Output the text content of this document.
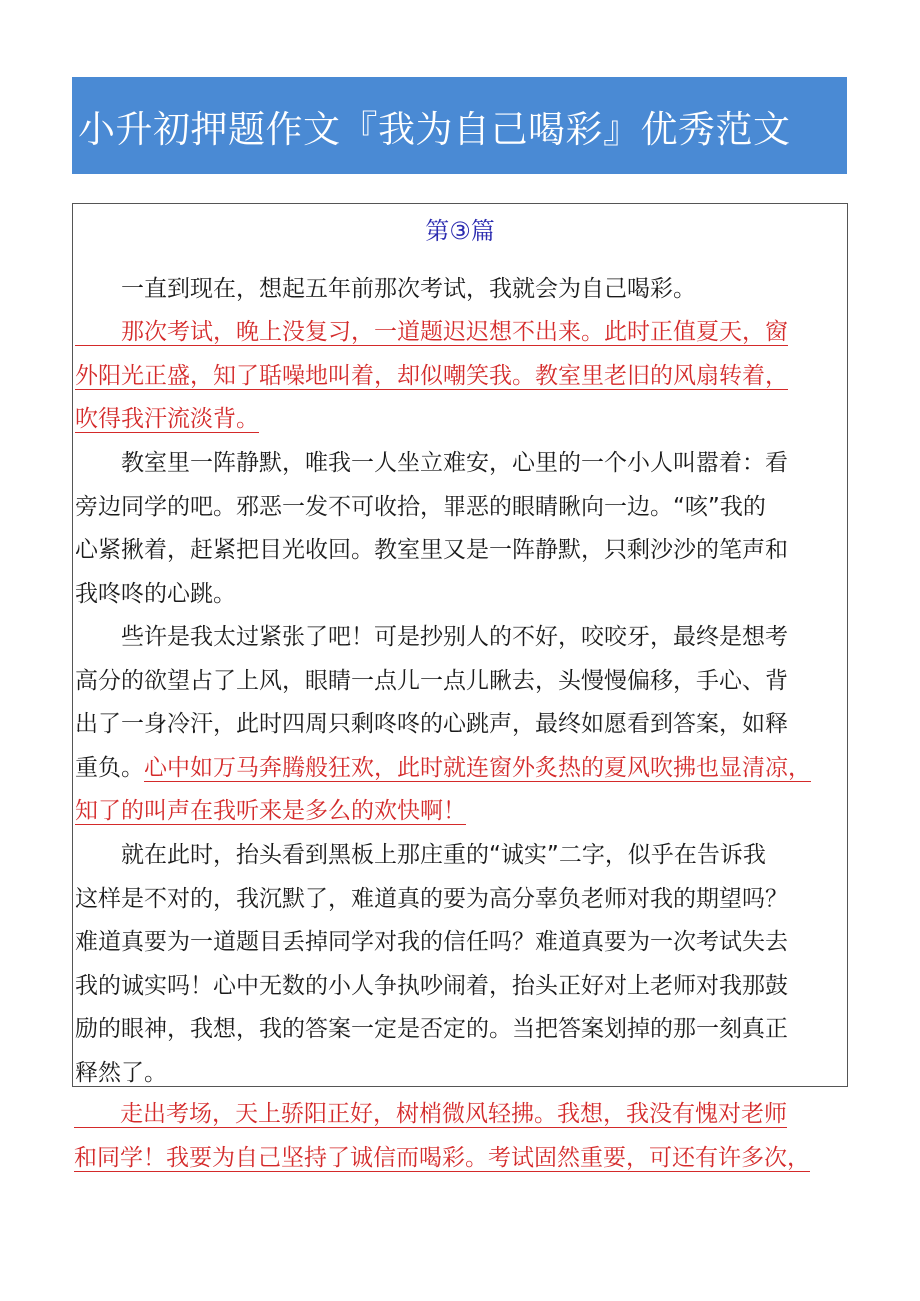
小升初押题作文『我为自己喝彩』优秀范文
第③篇
　　一直到现在，想起五年前那次考试，我就会为自己喝彩。
　　那次考试，晚上没复习，一道题迟迟想不出来。此时正值夏天，窗
外阳光正盛，知了聒噪地叫着，却似嘲笑我。教室里老旧的风扇转着，
吹得我汗流淡背。
　　教室里一阵静默，唯我一人坐立难安，心里的一个小人叫嚣着：看
旁边同学的吧。邪恶一发不可收拾，罪恶的眼睛瞅向一边。“咳”我的
心紧揪着，赶紧把目光收回。教室里又是一阵静默，只剩沙沙的笔声和
我咚咚的心跳。
　　些许是我太过紧张了吧！可是抄别人的不好，咬咬牙，最终是想考
高分的欲望占了上风，眼睛一点儿一点儿瞅去，头慢慢偏移，手心、背
出了一身冷汗，此时四周只剩咚咚的心跳声，最终如愿看到答案，如释
重负。心中如万马奔腾般狂欢，此时就连窗外炙热的夏风吹拂也显清凉，
知了的叫声在我听来是多么的欢快啊！
　　就在此时，抬头看到黑板上那庄重的“诚实”二字，似乎在告诉我
这样是不对的，我沉默了，难道真的要为高分辜负老师对我的期望吗？
难道真要为一道题目丢掉同学对我的信任吗？难道真要为一次考试失去
我的诚实吗！心中无数的小人争执吵闹着，抬头正好对上老师对我那鼓
励的眼神，我想，我的答案一定是否定的。当把答案划掉的那一刻真正
释然了。
　　走出考场，天上骄阳正好，树梢微风轻拂。我想，我没有愧对老师
和同学！我要为自己坚持了诚信而喝彩。考试固然重要，可还有许多次，
